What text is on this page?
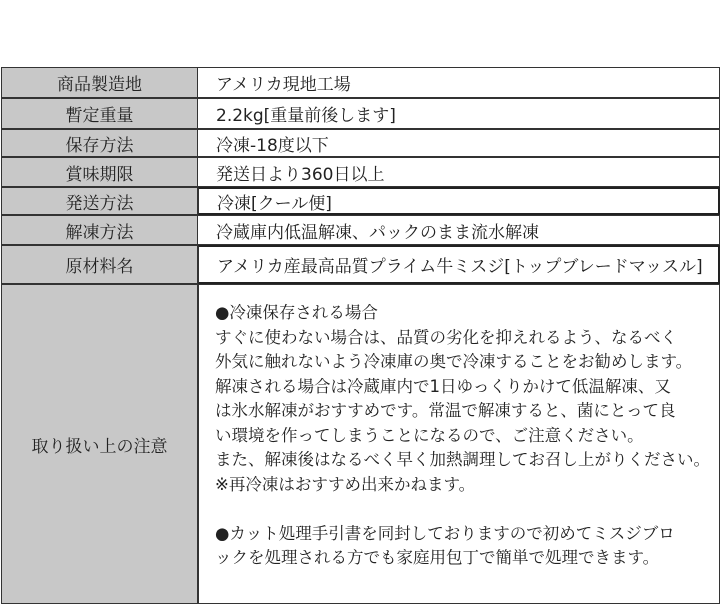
商品製造地	アメリカ現地工場
暫定重量	2.2kg[重量前後します]
保存方法	冷凍-18度以下
賞味期限	発送日より360日以上
発送方法	冷凍[クール便]
解凍方法	冷蔵庫内低温解凍、パックのまま流水解凍
原材料名	アメリカ産最高品質プライム牛ミスジ[トップブレードマッスル]
取り扱い上の注意

●冷凍保存される場合

すぐに使わない場合は、品質の劣化を抑えれるよう、なるべく

外気に触れないよう冷凍庫の奥で冷凍することをお勧めします。

解凍される場合は冷蔵庫内で1日ゆっくりかけて低温解凍、又

は氷水解凍がおすすめです。常温で解凍すると、菌にとって良

い環境を作ってしまうことになるので、ご注意ください。

また、解凍後はなるべく早く加熱調理してお召し上がりください。

※再冷凍はおすすめ出来かねます。

●カット処理手引書を同封しておりますので初めてミスジブロ

ックを処理される方でも家庭用包丁で簡単で処理できます。
